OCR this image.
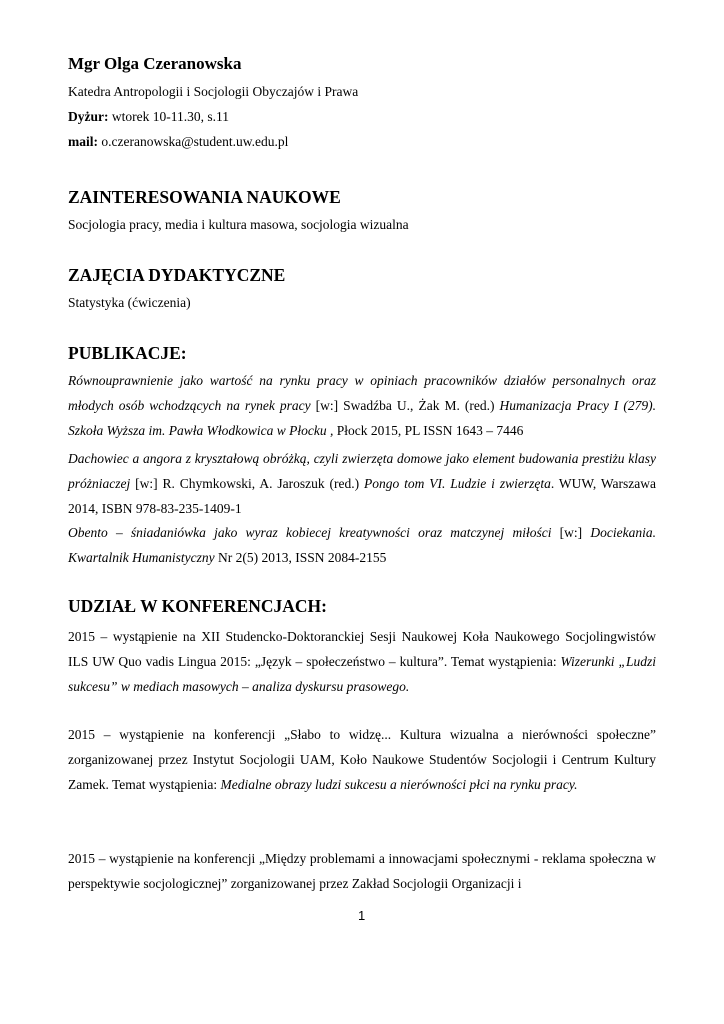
Mgr Olga Czeranowska
Katedra Antropologii i Socjologii Obyczajów i Prawa
Dyżur: wtorek 10-11.30, s.11
mail: o.czeranowska@student.uw.edu.pl
ZAINTERESOWANIA NAUKOWE
Socjologia pracy, media i kultura masowa, socjologia wizualna
ZAJĘCIA DYDAKTYCZNE
Statystyka (ćwiczenia)
PUBLIKACJE:
Równouprawnienie jako wartość na rynku pracy w opiniach pracowników działów personalnych oraz młodych osób wchodzących na rynek pracy [w:] Swadźba U., Żak M. (red.) Humanizacja Pracy I (279). Szkoła Wyższa im. Pawła Włodkowica w Płocku , Płock 2015, PL ISSN 1643 – 7446
Dachowiec a angora z kryształową obróżką, czyli zwierzęta domowe jako element budowania prestiżu klasy próżniaczej [w:] R. Chymkowski, A. Jaroszuk (red.) Pongo tom VI. Ludzie i zwierzęta. WUW, Warszawa 2014, ISBN 978-83-235-1409-1
Obento – śniadaniówka jako wyraz kobiecej kreatywności oraz matczynej miłości [w:] Dociekania. Kwartalnik Humanistyczny Nr 2(5) 2013, ISSN 2084-2155
UDZIAŁ W KONFERENCJACH:
2015 – wystąpienie na XII Studencko-Doktoranckiej Sesji Naukowej Koła Naukowego Socjolingwistów ILS UW Quo vadis Lingua 2015: „Język – społeczeństwo – kultura”. Temat wystąpienia: Wizerunki „Ludzi sukcesu” w mediach masowych – analiza dyskursu prasowego.
2015 – wystąpienie na konferencji „Słabo to widzę... Kultura wizualna a nierówności społeczne” zorganizowanej przez Instytut Socjologii UAM, Koło Naukowe Studentów Socjologii i Centrum Kultury Zamek. Temat wystąpienia: Medialne obrazy ludzi sukcesu a nierówności płci na rynku pracy.
2015 – wystąpienie na konferencji „Między problemami a innowacjami społecznymi - reklama społeczna w perspektywie socjologicznej” zorganizowanej przez Zakład Socjologii Organizacji i
1
